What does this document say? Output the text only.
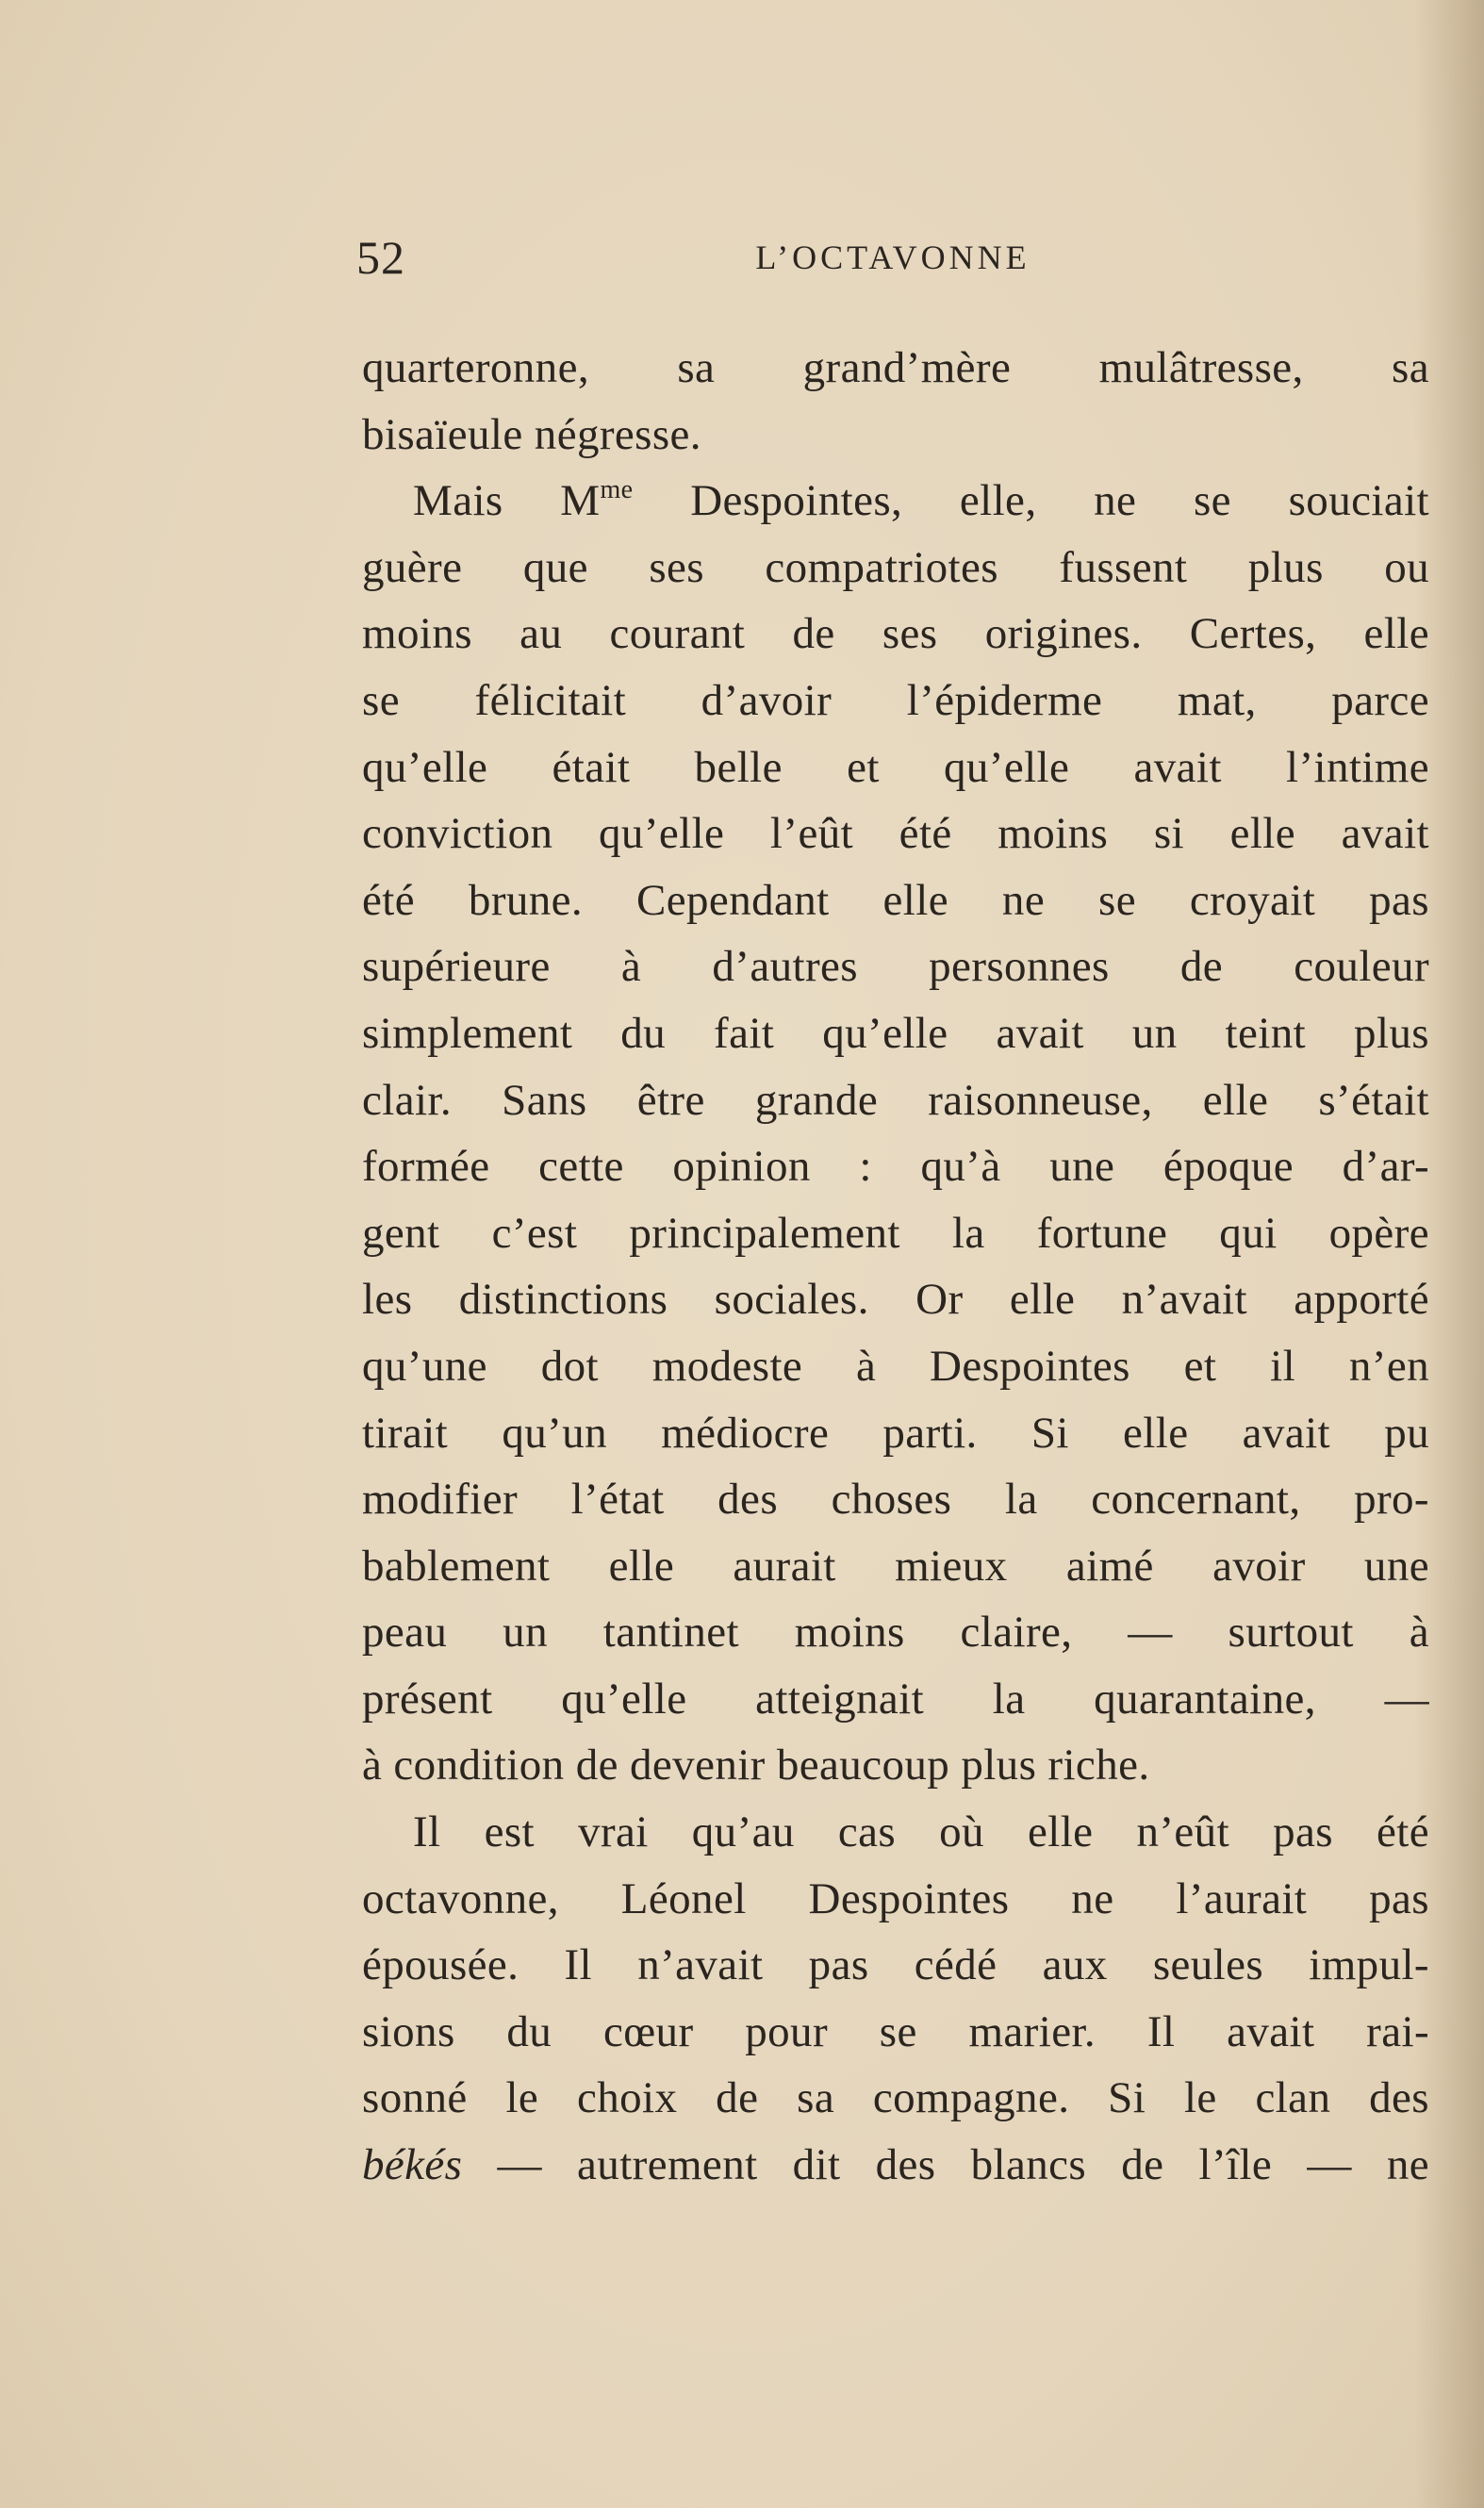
52	L’OCTAVONNE
quarteronne, sa grand’mère mulâtresse, sa
bisaïeule négresse.
Mais $M^{me}$ Despointes, elle, ne se souciait
guère que ses compatriotes fussent plus ou
moins au courant de ses origines. Certes, elle
se félicitait d’avoir l’épiderme mat, parce
qu’elle était belle et qu’elle avait l’intime
conviction qu’elle l’eût été moins si elle avait
été brune. Cependant elle ne se croyait pas
supérieure à d’autres personnes de couleur
simplement du fait qu’elle avait un teint plus
clair. Sans être grande raisonneuse, elle s’était
formée cette opinion : qu’à une époque d’ar-
gent c’est principalement la fortune qui opère
les distinctions sociales. Or elle n’avait apporté
qu’une dot modeste à Despointes et il n’en
tirait qu’un médiocre parti. Si elle avait pu
modifier l’état des choses la concernant, pro-
bablement elle aurait mieux aimé avoir une
peau un tantinet moins claire, — surtout à
présent qu’elle atteignait la quarantaine, —
à condition de devenir beaucoup plus riche.
Il est vrai qu’au cas où elle n’eût pas été
octavonne, Léonel Despointes ne l’aurait pas
épousée. Il n’avait pas cédé aux seules impul-
sions du cœur pour se marier. Il avait rai-
sonné le choix de sa compagne. Si le clan des
békés — autrement dit des blancs de l’île — ne
